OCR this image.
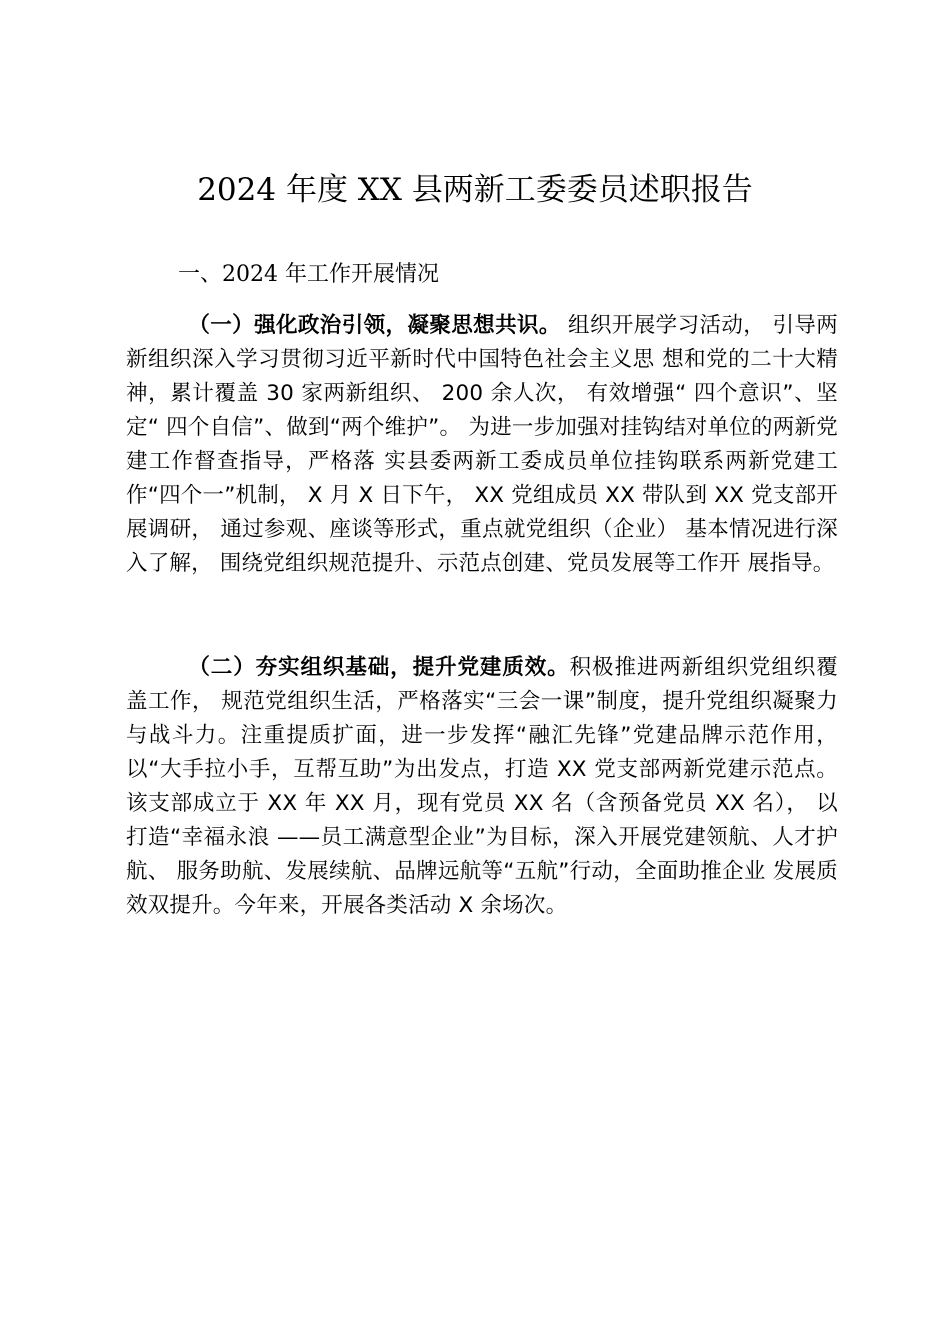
2024 年度 XX 县两新工委委员述职报告
一、2024 年工作开展情况

（一）强化政治引领，凝聚思想共识。 组织开展学习活动， 引导两新组织深入学习贯彻习近平新时代中国特色社会主义思 想和党的二十大精神，累计覆盖 30 家两新组织、 200 余人次， 有效增强“ 四个意识”、坚定“ 四个自信”、做到“两个维护”。 为进一步加强对挂钩结对单位的两新党建工作督查指导，严格落 实县委两新工委成员单位挂钩联系两新党建工作“四个一”机制， X 月 X 日下午， XX 党组成员 XX 带队到 XX 党支部开展调研， 通过参观、座谈等形式，重点就党组织（企业） 基本情况进行深 入了解， 围绕党组织规范提升、示范点创建、党员发展等工作开 展指导。

（二）夯实组织基础，提升党建质效。积极推进两新组织党组织覆盖工作， 规范党组织生活，严格落实“三会一课”制度，提升党组织凝聚力与战斗力。注重提质扩面，进一步发挥“融汇先锋”党建品牌示范作用，以“大手拉小手，互帮互助”为出发点，打造 XX 党支部两新党建示范点。 该支部成立于 XX 年 XX 月，现有党员 XX 名（含预备党员 XX 名）， 以打造“幸福永浪 ——员工满意型企业”为目标，深入开展党建领航、人才护航、 服务助航、发展续航、品牌远航等“五航”行动，全面助推企业 发展质效双提升。今年来，开展各类活动 X 余场次。
